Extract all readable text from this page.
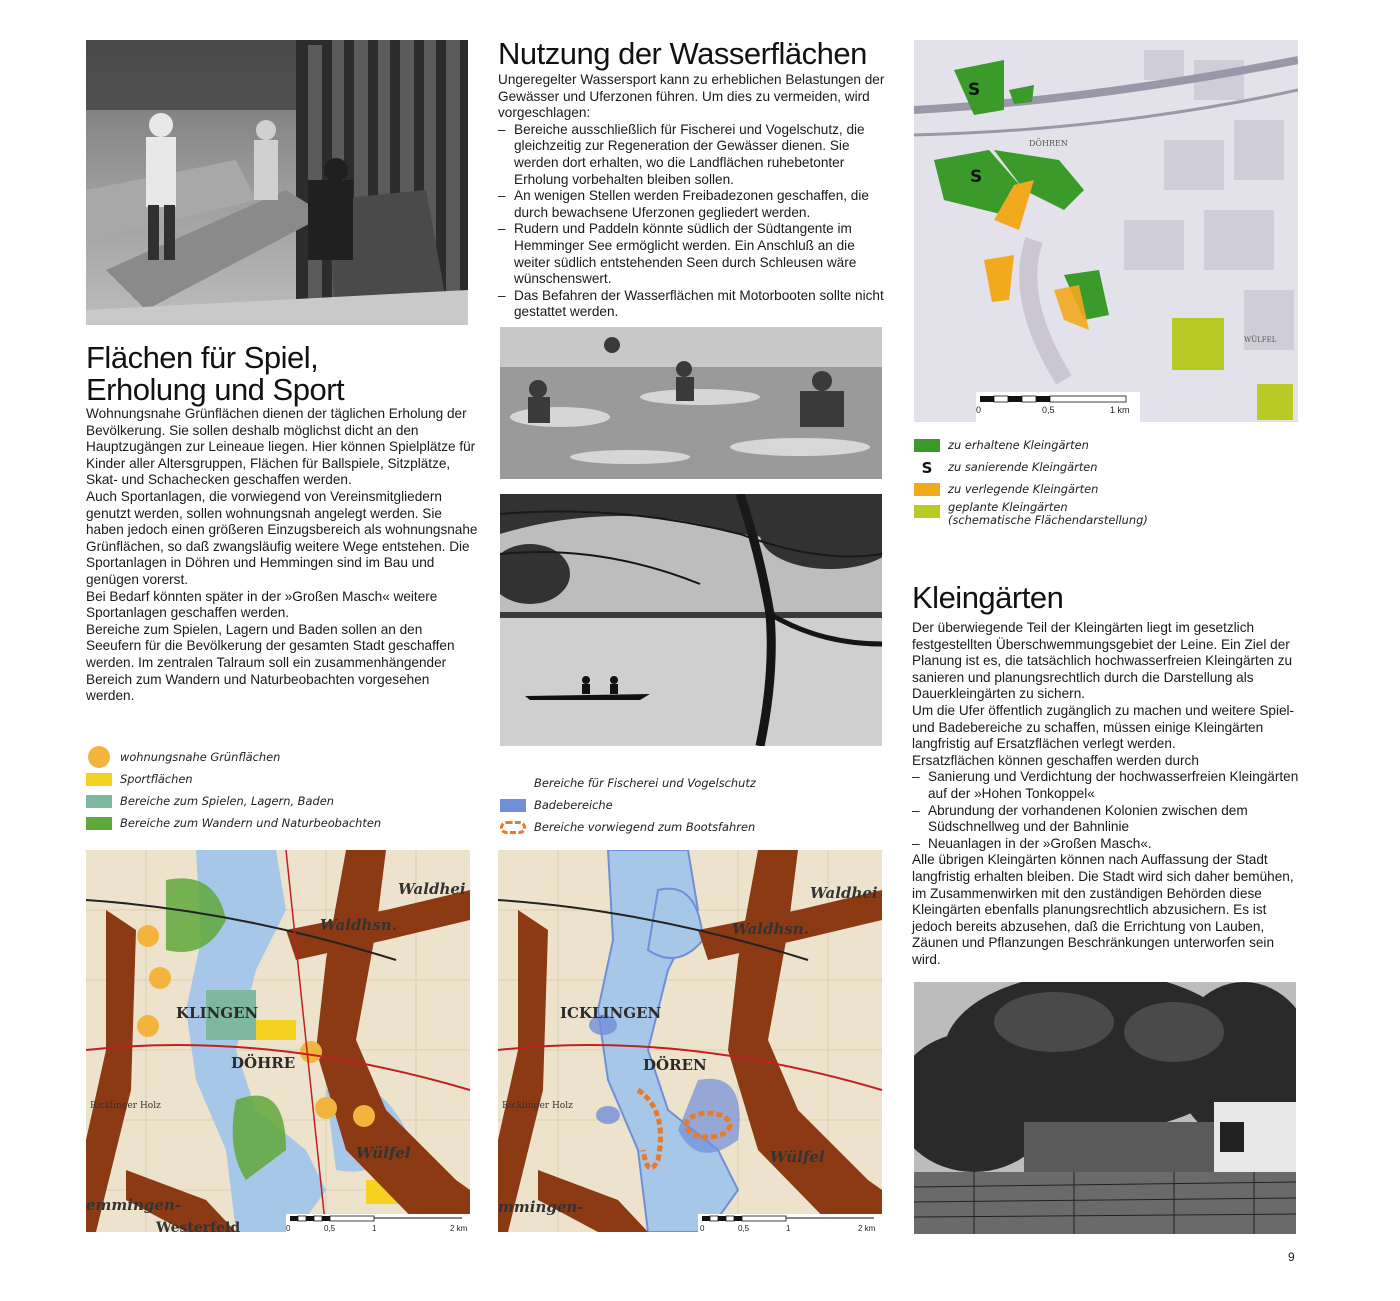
Flächen für Spiel,
Erholung und Sport

Wohnungsnahe Grünflächen dienen der täglichen Erholung der Bevölkerung. Sie sollen deshalb möglichst dicht an den Hauptzugängen zur Leineaue liegen. Hier können Spielplätze für Kinder aller Altersgruppen, Flächen für Ballspiele, Sitzplätze, Skat- und Schachecken geschaffen werden.

Auch Sportanlagen, die vorwiegend von Vereinsmitgliedern genutzt werden, sollen wohnungsnah angelegt werden. Sie haben jedoch einen größeren Einzugsbereich als wohnungsnahe Grünflächen, so daß zwangsläufig weitere Wege entstehen. Die Sportanlagen in Döhren und Hemmingen sind im Bau und genügen vorerst.

Bei Bedarf könnten später in der »Großen Masch« weitere Sportanlagen geschaffen werden.

Bereiche zum Spielen, Lagern und Baden sollen an den Seeufern für die Bevölkerung der gesamten Stadt geschaffen werden. Im zentralen Talraum soll ein zusammenhängender Bereich zum Wandern und Naturbeobachten vorgesehen werden.

wohnungsnahe Grünflächen
Sportflächen
Bereiche zum Spielen, Lagern, Baden
Bereiche zum Wandern und Naturbeobachten
Waldhei
Waldhsn.
KLINGEN
DÖHRE
Ricklinger Holz
Wülfel
emmingen-
Westerfeld	0	0,5	1	2 km
Nutzung der Wasserflächen

Ungeregelter Wassersport kann zu erheblichen Belastungen der Gewässer und Uferzonen führen. Um dies zu vermeiden, wird vorgeschlagen:

– Bereiche ausschließlich für Fischerei und Vogelschutz, die gleichzeitig zur Regeneration der Gewässer dienen. Sie werden dort erhalten, wo die Landflächen ruhebetonter Erholung vorbehalten bleiben sollen.
– An wenigen Stellen werden Freibadezonen geschaffen, die durch bewachsene Uferzonen gegliedert werden.
– Rudern und Paddeln könnte südlich der Südtangente im Hemminger See ermöglicht werden. Ein Anschluß an die weiter südlich entstehenden Seen durch Schleusen wäre wünschenswert.
– Das Befahren der Wasserflächen mit Motorbooten sollte nicht gestattet werden.
Bereiche für Fischerei und Vogelschutz
Badebereiche
Bereiche vorwiegend zum Bootsfahren
Waldhei
Waldhsn.
ICKLINGEN
DÖREN
Ricklinger Holz
Wülfel
mmingen-
0	0,5	1	2 km
S
S
DÖHREN
WÜLFEL
0	0,5	1 km
zu erhaltene Kleingärten
S	zu sanierende Kleingärten
zu verlegende Kleingärten
geplante Kleingärten
(schematische Flächendarstellung)
Kleingärten

Der überwiegende Teil der Kleingärten liegt im gesetzlich festgestellten Überschwemmungsgebiet der Leine. Ein Ziel der Planung ist es, die tatsächlich hochwasserfreien Kleingärten zu sanieren und planungsrechtlich durch die Darstellung als Dauerkleingärten zu sichern.

Um die Ufer öffentlich zugänglich zu machen und weitere Spiel- und Badebereiche zu schaffen, müssen einige Kleingärten langfristig auf Ersatzflächen verlegt werden.

Ersatzflächen können geschaffen werden durch

– Sanierung und Verdichtung der hochwasserfreien Kleingärten auf der »Hohen Tonkoppel«
– Abrundung der vorhandenen Kolonien zwischen dem Südschnellweg und der Bahnlinie
– Neuanlagen in der »Großen Masch«.

Alle übrigen Kleingärten können nach Auffassung der Stadt langfristig erhalten bleiben. Die Stadt wird sich daher bemühen, im Zusammenwirken mit den zuständigen Behörden diese Kleingärten ebenfalls planungsrechtlich abzusichern. Es ist jedoch bereits abzusehen, daß die Errichtung von Lauben, Zäunen und Pflanzungen Beschränkungen unterworfen sein wird.

9
